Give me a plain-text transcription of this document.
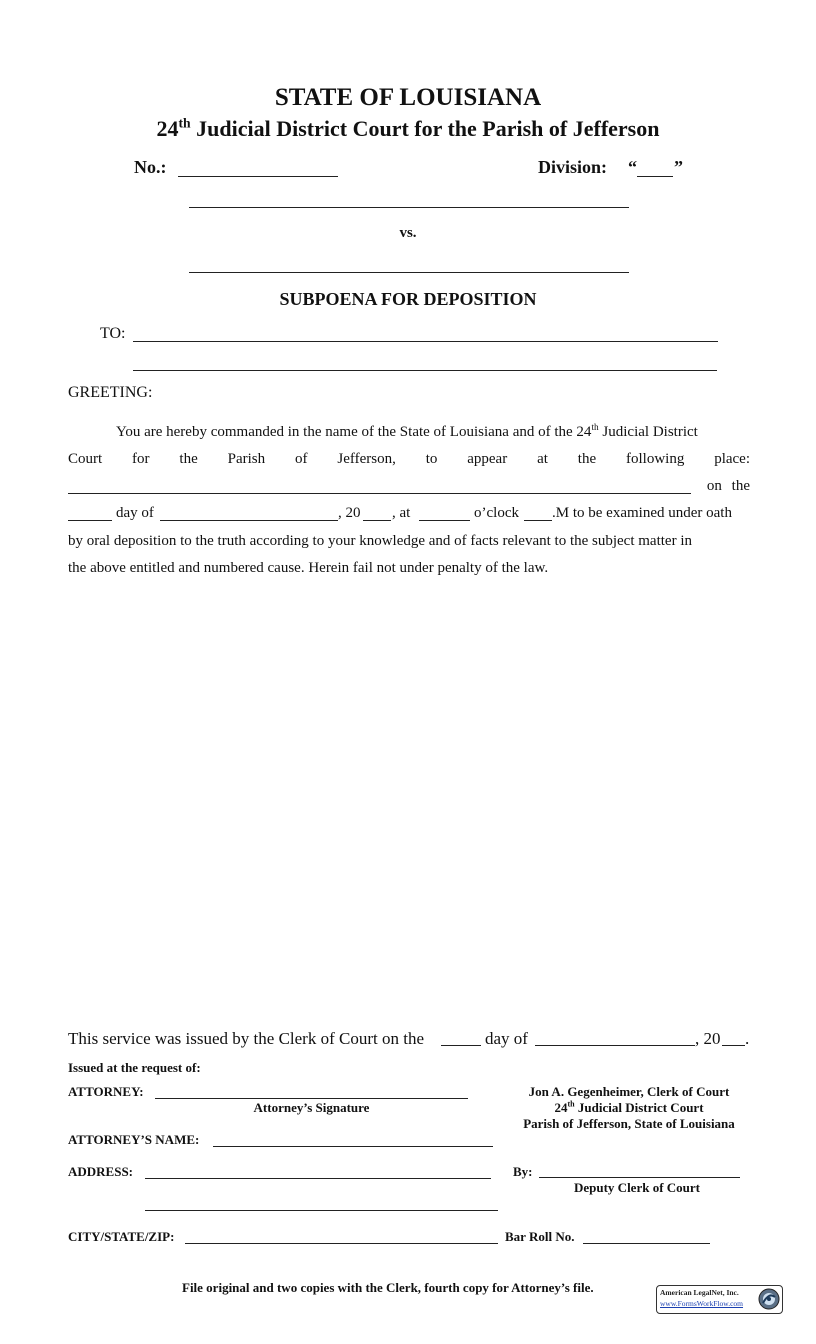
STATE OF LOUISIANA
24th Judicial District Court for the Parish of Jefferson
No.:	Division: “ ”
vs.
SUBPOENA FOR DEPOSITION
TO:
GREETING:
You are hereby commanded in the name of the State of Louisiana and of the 24th Judicial District
Court for the Parish of Jefferson, to appear at the following place:
on the
day of	, 20 , at	o’clock .M to be examined under oath
by oral deposition to the truth according to your knowledge and of facts relevant to the subject matter in
the above entitled and numbered cause. Herein fail not under penalty of the law.
This service was issued by the Clerk of Court on the	day of	, 20 .
Issued at the request of:
ATTORNEY:
Attorney’s Signature
ATTORNEY’S NAME:
ADDRESS:
CITY/STATE/ZIP:	Bar Roll No.
Jon A. Gegenheimer, Clerk of Court
24th Judicial District Court
Parish of Jefferson, State of Louisiana
By:
Deputy Clerk of Court
File original and two copies with the Clerk, fourth copy for Attorney’s file.	American LegalNet, Inc.
www.FormsWorkFlow.com
